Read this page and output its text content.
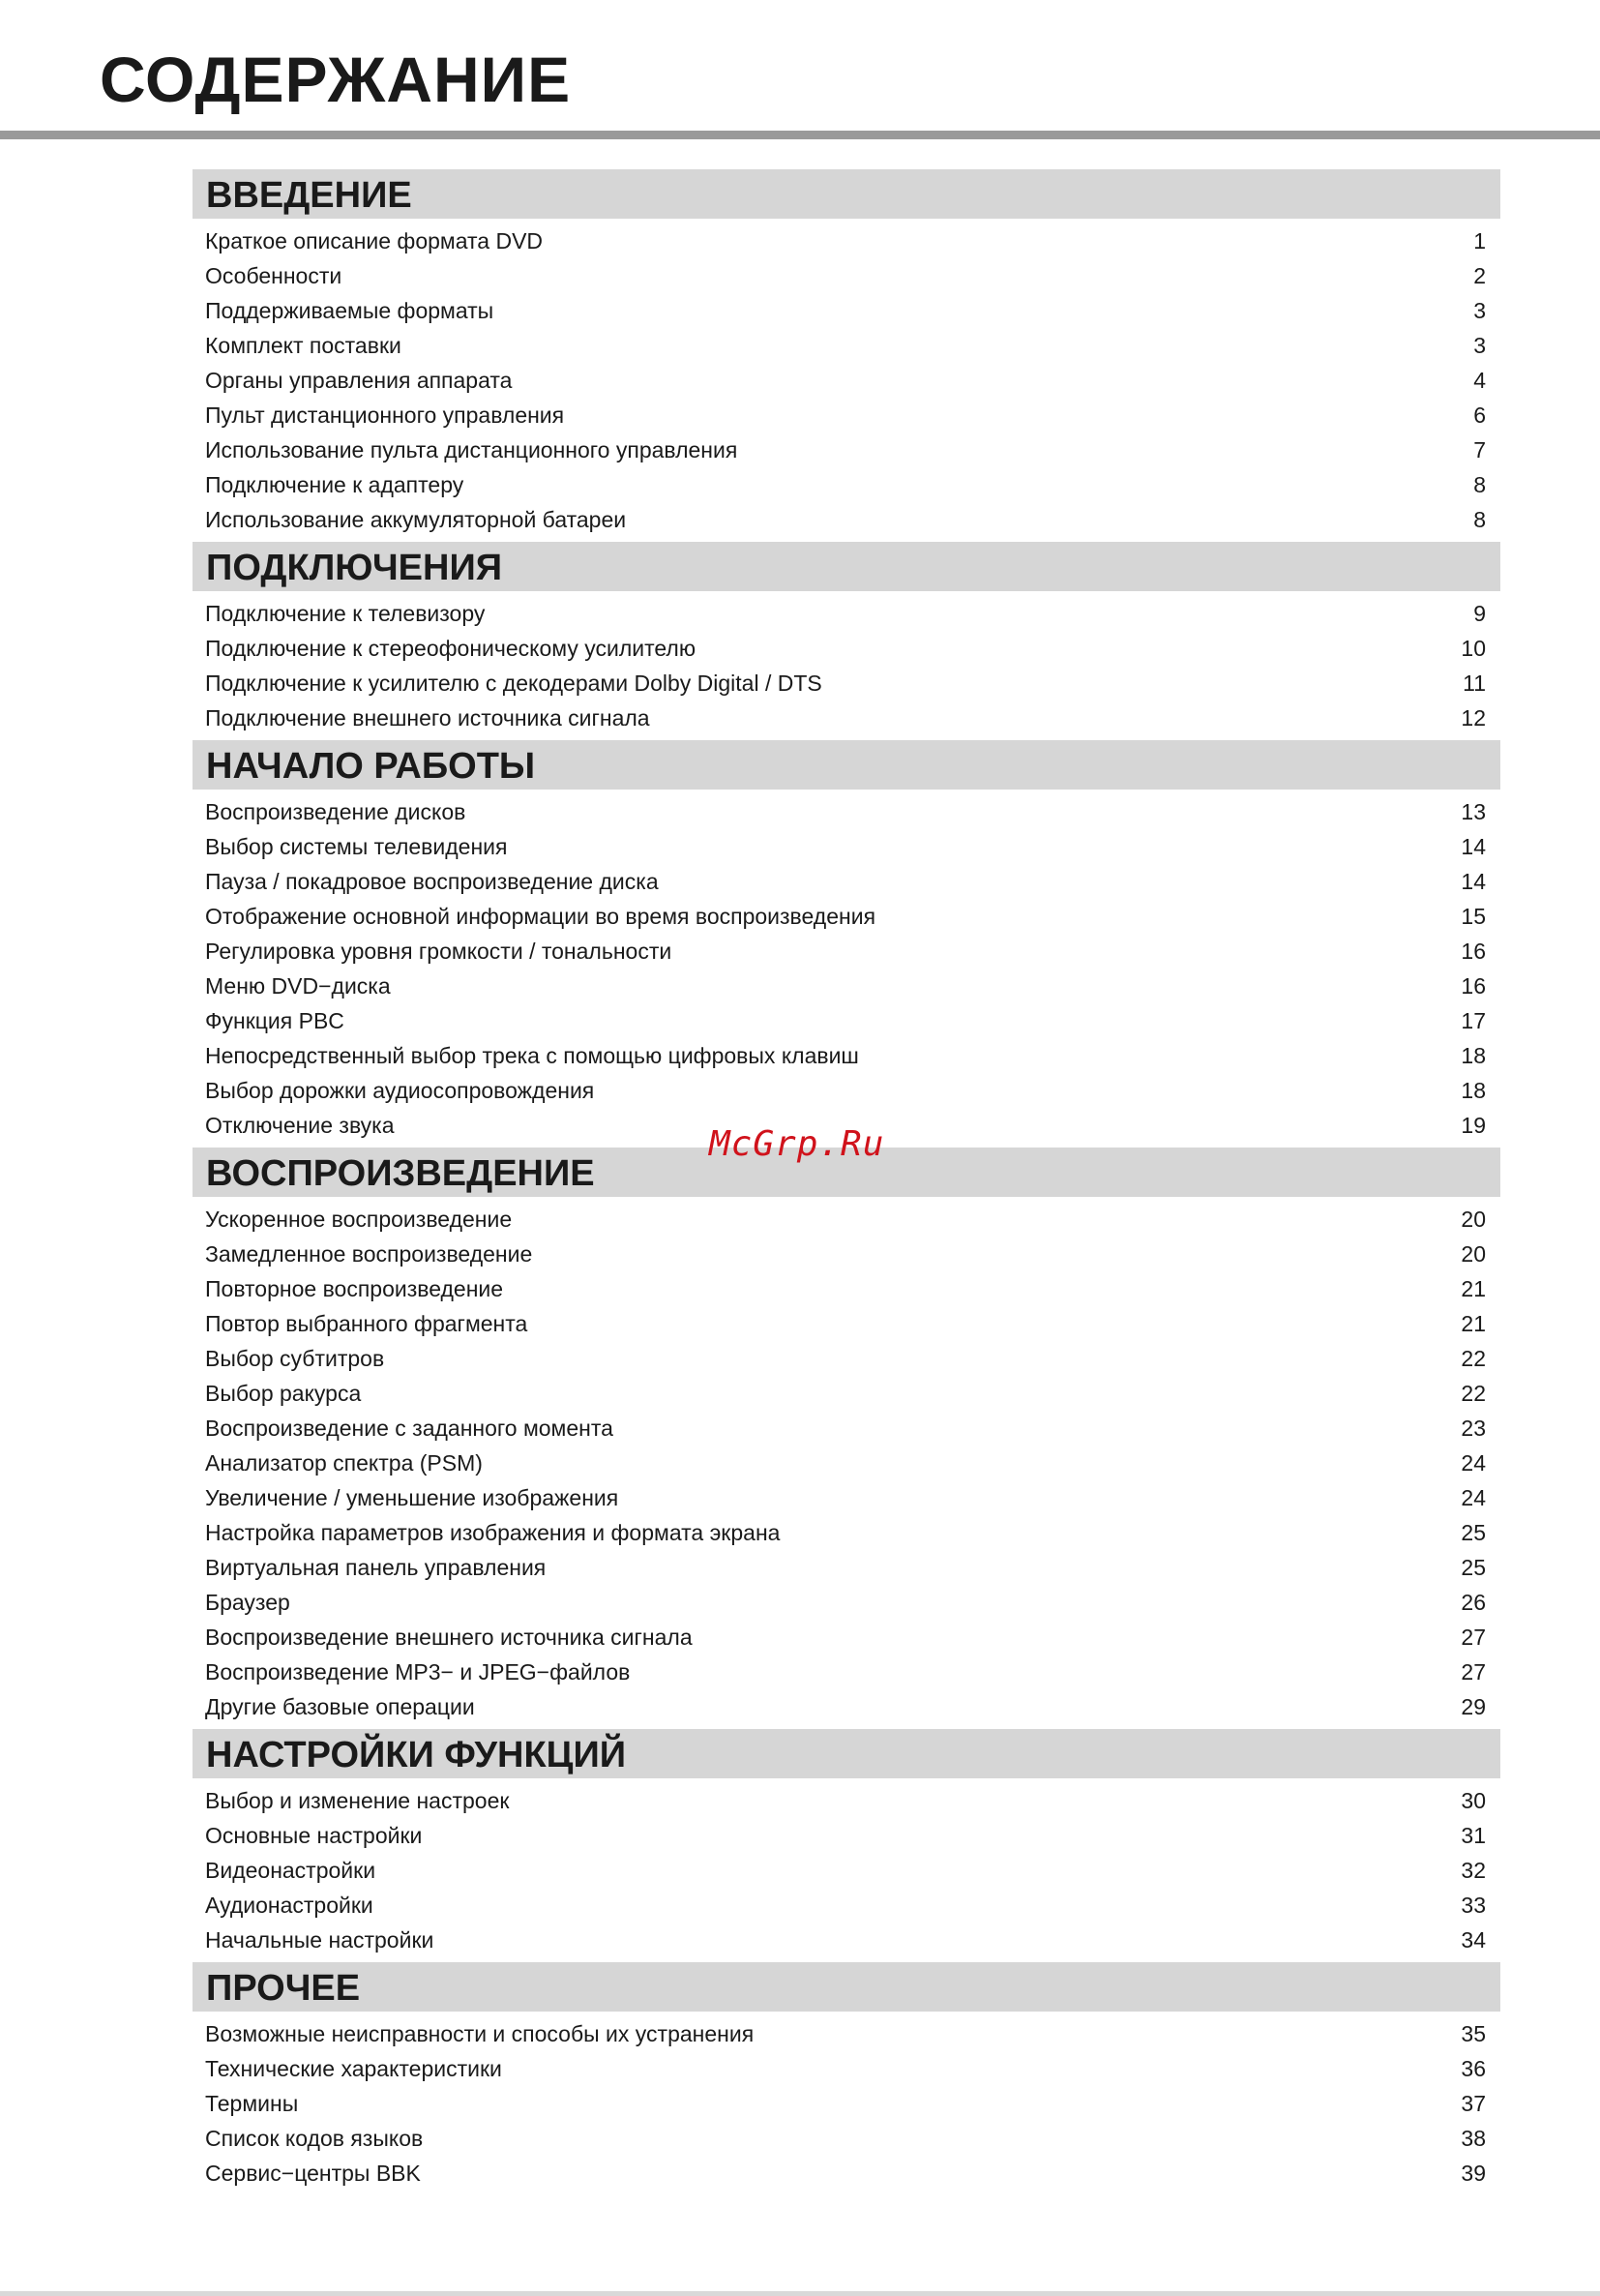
СОДЕРЖАНИЕ
ВВЕДЕНИЕ
Краткое описание формата DVD	1
Особенности	2
Поддерживаемые форматы	3
Комплект поставки	3
Органы управления аппарата	4
Пульт дистанционного управления	6
Использование пульта дистанционного управления	7
Подключение к адаптеру	8
Использование аккумуляторной батареи	8
ПОДКЛЮЧЕНИЯ
Подключение к телевизору	9
Подключение к стереофоническому усилителю	10
Подключение к усилителю с декодерами Dolby Digital / DTS	11
Подключение внешнего источника сигнала	12
НАЧАЛО РАБОТЫ
Воспроизведение дисков	13
Выбор системы телевидения	14
Пауза / покадровое воспроизведение диска	14
Отображение основной информации во время воспроизведения	15
Регулировка уровня громкости / тональности	16
Меню DVD−диска	16
Функция PBC	17
Непосредственный выбор трека с помощью цифровых клавиш	18
Выбор дорожки аудиосопровождения	18
Отключение звука	19
ВОСПРОИЗВЕДЕНИЕ
Ускоренное воспроизведение	20
Замедленное воспроизведение	20
Повторное воспроизведение	21
Повтор выбранного фрагмента	21
Выбор субтитров	22
Выбор ракурса	22
Воспроизведение с заданного момента	23
Анализатор спектра (PSM)	24
Увеличение / уменьшение изображения	24
Настройка параметров изображения и формата экрана	25
Виртуальная панель управления	25
Браузер	26
Воспроизведение внешнего источника сигнала	27
Воспроизведение MP3− и JPEG−файлов	27
Другие базовые операции	29
НАСТРОЙКИ ФУНКЦИЙ
Выбор и изменение настроек	30
Основные настройки	31
Видеонастройки	32
Аудионастройки	33
Начальные настройки	34
ПРОЧЕЕ
Возможные неисправности и способы их устранения	35
Технические характеристики	36
Термины	37
Список кодов языков	38
Сервис−центры BBK	39
McGrp.Ru
